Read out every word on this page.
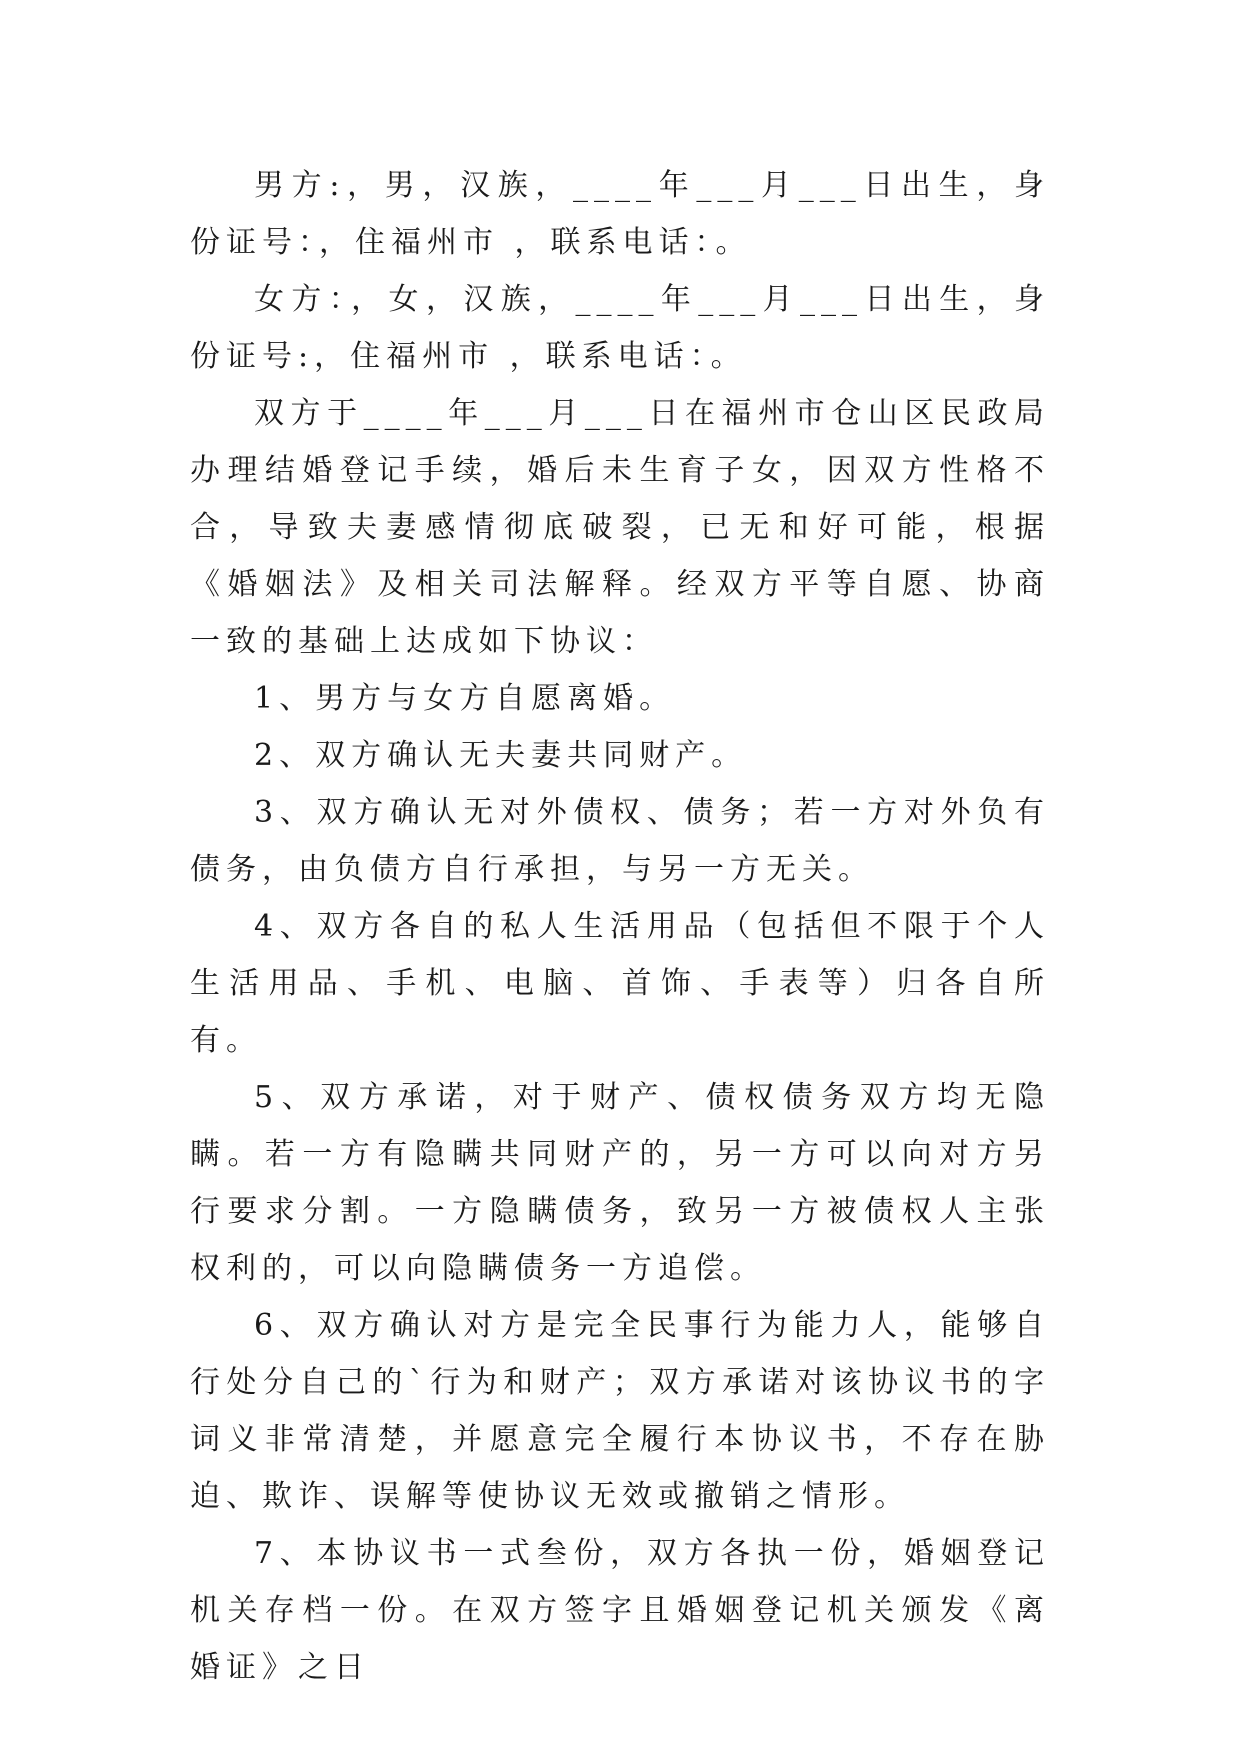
男方:，男，汉族，____年___月___日出生，身份证号：，住福州市 ，联系电话：。

女方：，女，汉族，____年___月___日出生，身份证号:，住福州市 ，联系电话：。

双方于____年___月___日在福州市仓山区民政局办理结婚登记手续，婚后未生育子女，因双方性格不合，导致夫妻感情彻底破裂，已无和好可能，根据《婚姻法》及相关司法解释。经双方平等自愿、协商一致的基础上达成如下协议：

1、男方与女方自愿离婚。

2、双方确认无夫妻共同财产。

3、双方确认无对外债权、债务；若一方对外负有债务，由负债方自行承担，与另一方无关。

4、双方各自的私人生活用品（包括但不限于个人生活用品、手机、电脑、首饰、手表等）归各自所有。

5、双方承诺，对于财产、债权债务双方均无隐瞒。若一方有隐瞒共同财产的，另一方可以向对方另行要求分割。一方隐瞒债务，致另一方被债权人主张权利的，可以向隐瞒债务一方追偿。

6、双方确认对方是完全民事行为能力人，能够自行处分自己的`行为和财产；双方承诺对该协议书的字词义非常清楚，并愿意完全履行本协议书，不存在胁迫、欺诈、误解等使协议无效或撤销之情形。

7、本协议书一式叁份，双方各执一份，婚姻登记机关存档一份。在双方签字且婚姻登记机关颁发《离婚证》之日
